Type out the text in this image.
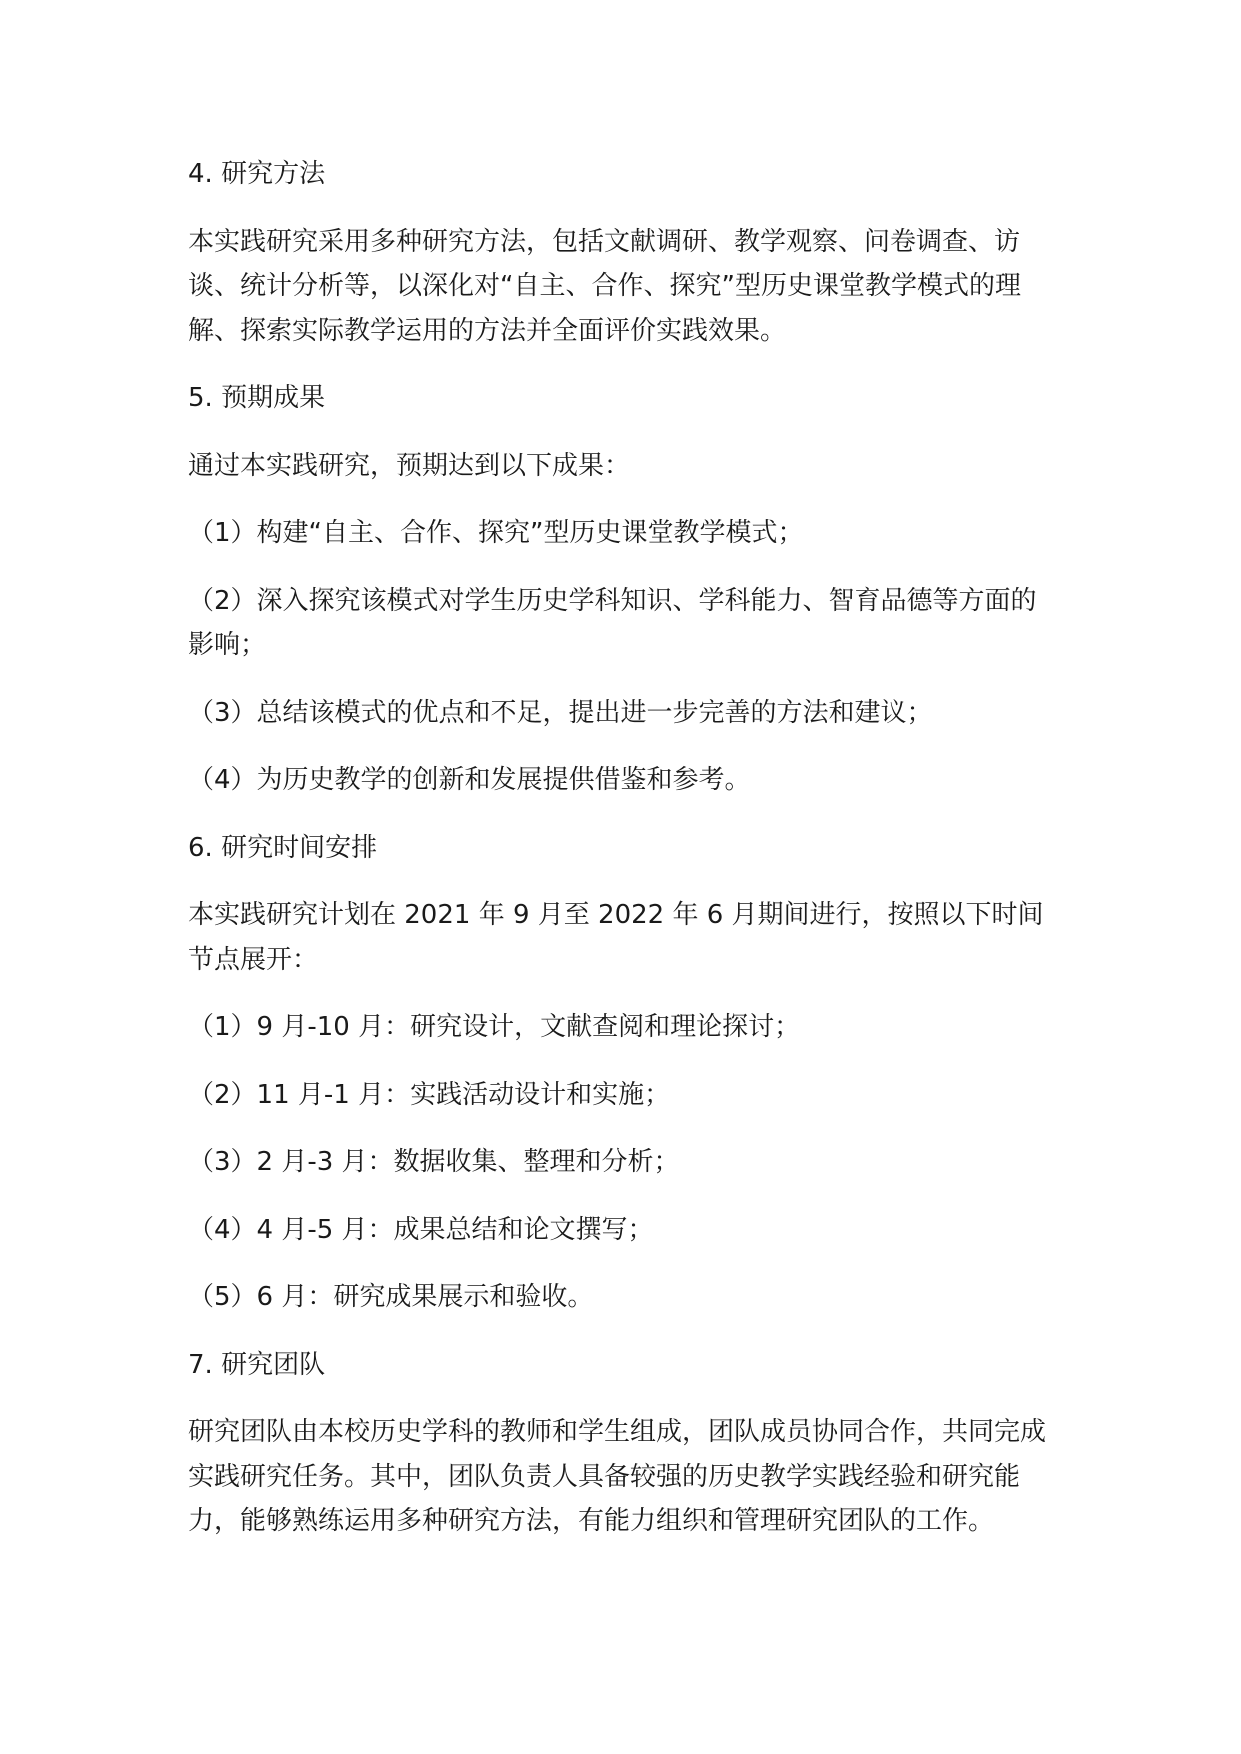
4. 研究方法

本实践研究采用多种研究方法，包括文献调研、教学观察、问卷调查、访谈、统计分析等，以深化对“自主、合作、探究”型历史课堂教学模式的理解、探索实际教学运用的方法并全面评价实践效果。

5. 预期成果

通过本实践研究，预期达到以下成果：

（1）构建“自主、合作、探究”型历史课堂教学模式；

（2）深入探究该模式对学生历史学科知识、学科能力、智育品德等方面的影响；

（3）总结该模式的优点和不足，提出进一步完善的方法和建议；

（4）为历史教学的创新和发展提供借鉴和参考。

6. 研究时间安排

本实践研究计划在 2021 年 9 月至 2022 年 6 月期间进行，按照以下时间节点展开：

（1）9 月-10 月：研究设计，文献查阅和理论探讨；

（2）11 月-1 月：实践活动设计和实施；

（3）2 月-3 月：数据收集、整理和分析；

（4）4 月-5 月：成果总结和论文撰写；

（5）6 月：研究成果展示和验收。

7. 研究团队

研究团队由本校历史学科的教师和学生组成，团队成员协同合作，共同完成实践研究任务。其中，团队负责人具备较强的历史教学实践经验和研究能力，能够熟练运用多种研究方法，有能力组织和管理研究团队的工作。
